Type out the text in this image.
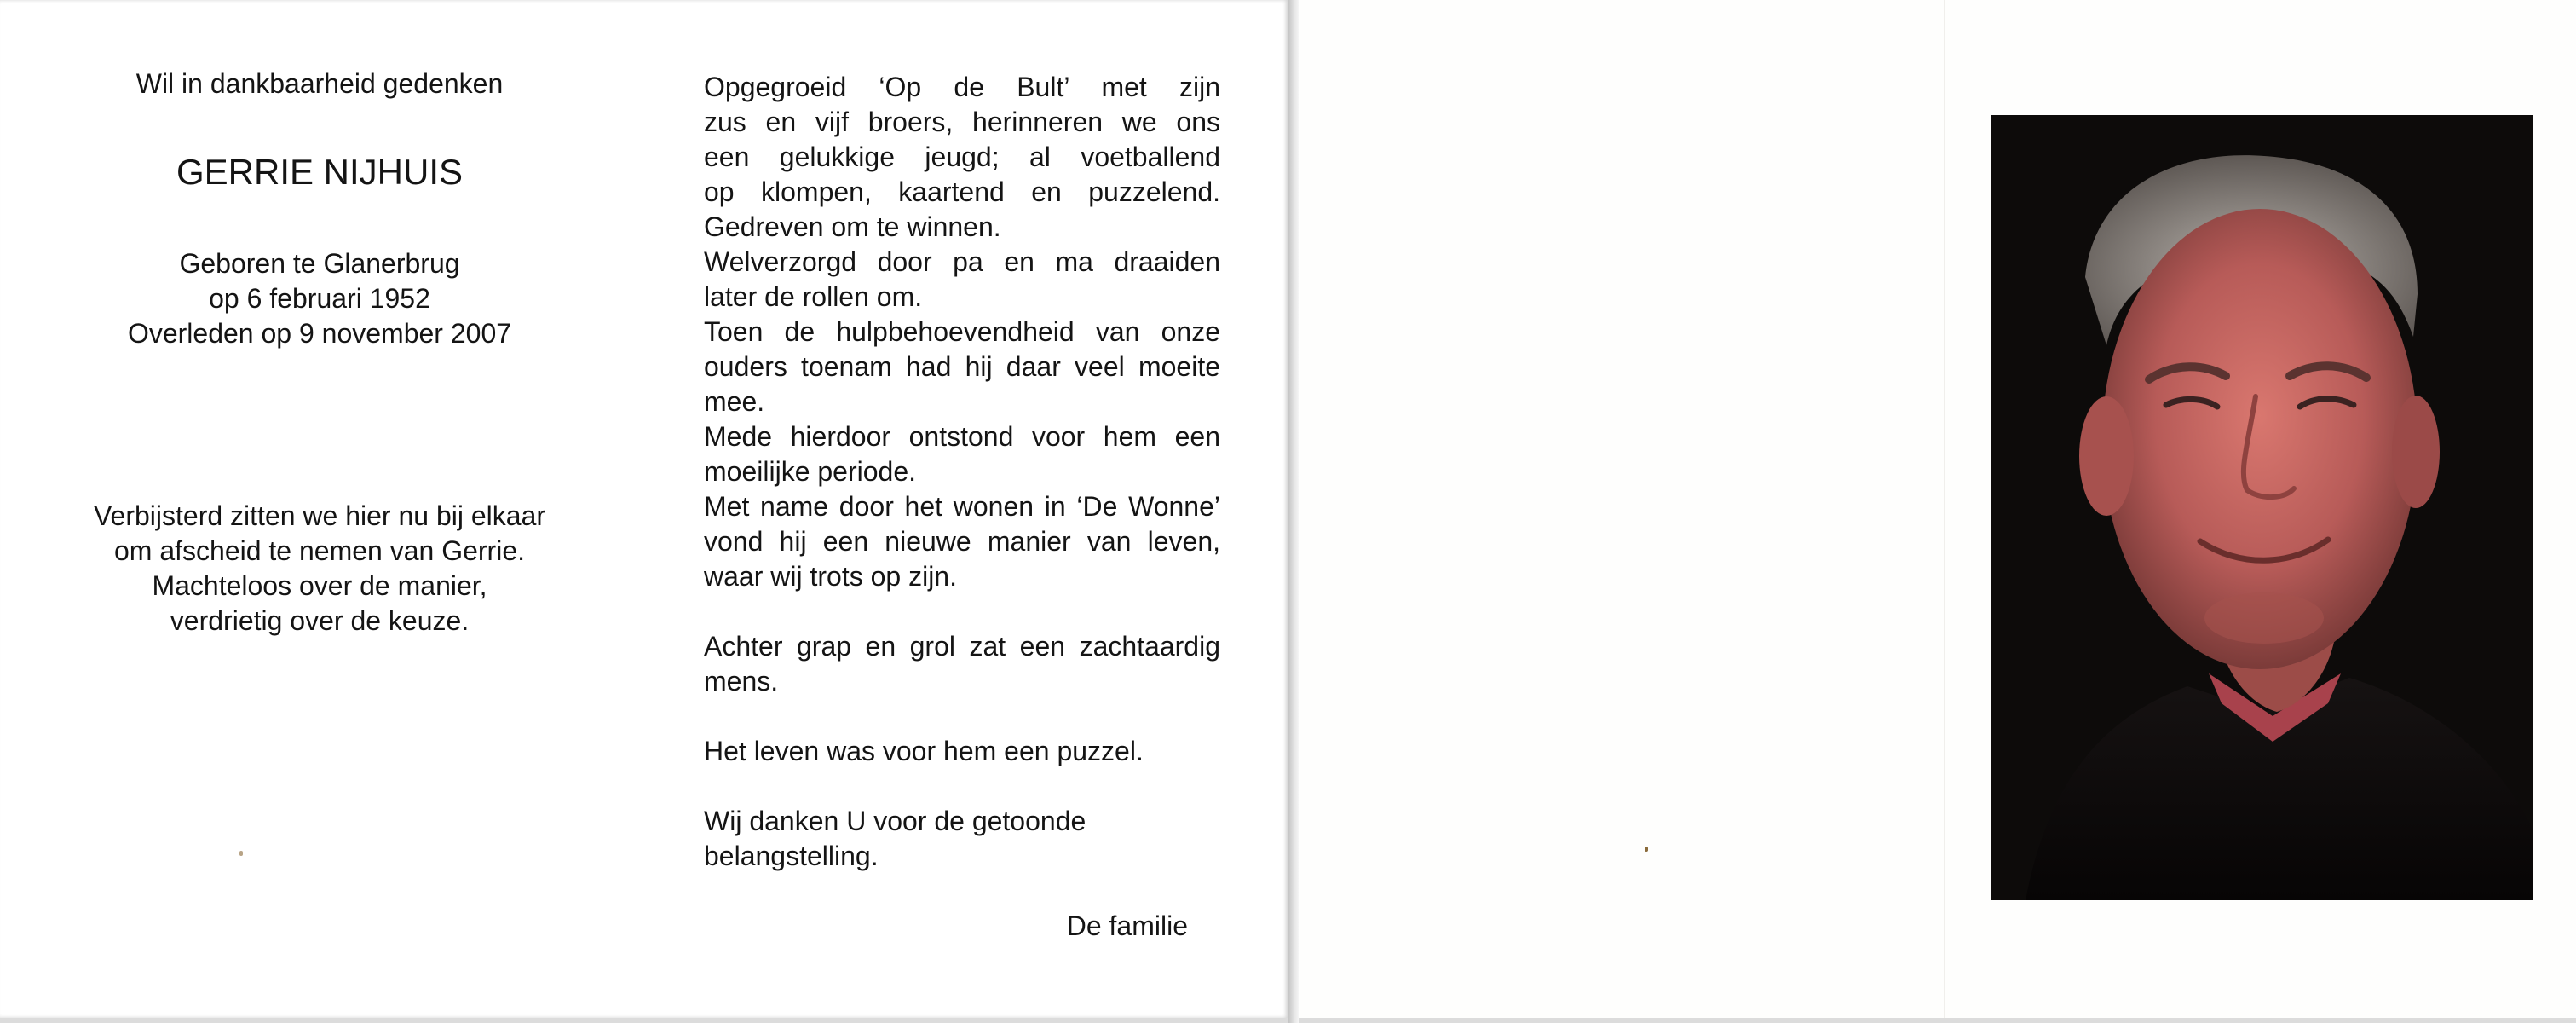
Wil in dankbaarheid gedenken

GERRIE NIJHUIS

Geboren te Glanerbrug
op 6 februari 1952
Overleden op 9 november 2007

Verbijsterd zitten we hier nu bij elkaar
om afscheid te nemen van Gerrie.
Machteloos over de manier,
verdrietig over de keuze.

Opgegroeid ‘Op de Bult’ met zijn
zus en vijf broers, herinneren we ons
een gelukkige jeugd; al voetballend
op klompen, kaartend en puzzelend.
Gedreven om te winnen.
Welverzorgd door pa en ma draaiden
later de rollen om.
Toen de hulpbehoevendheid van onze
ouders toenam had hij daar veel moeite
mee.
Mede hierdoor ontstond voor hem een
moeilijke periode.
Met name door het wonen in ‘De Wonne’
vond hij een nieuwe manier van leven,
waar wij trots op zijn.

Achter grap en grol zat een zachtaardig
mens.

Het leven was voor hem een puzzel.

Wij danken U voor de getoonde
belangstelling.

De familie
